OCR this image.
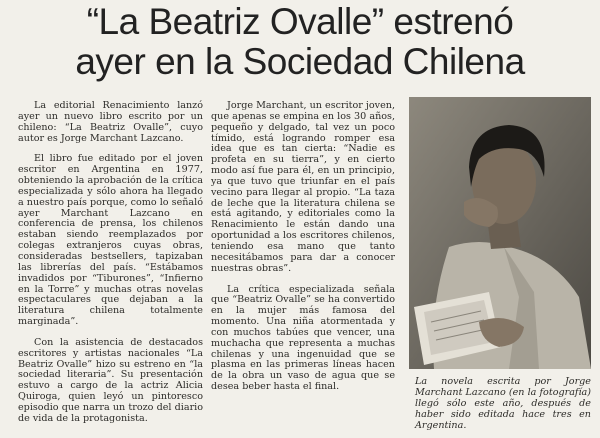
“La Beatriz Ovalle” estrenó
ayer en la Sociedad Chilena

La editorial Renacimiento lanzó ayer un nuevo libro escrito por un chileno: “La Beatriz Ovalle”, cuyo autor es Jorge Marchant Lazcano.

El libro fue editado por el joven escritor en Argentina en 1977, obteniendo la aprobación de la crítica especializada y sólo ahora ha llegado a nuestro país porque, como lo señaló ayer Marchant Lazcano en conferencia de prensa, los chilenos estaban siendo reemplazados por colegas extranjeros cuyas obras, consideradas bestsellers, tapizaban las librerías del país. “Estábamos invadidos por “Tiburones”, “Infierno en la Torre” y muchas otras novelas espectaculares que dejaban a la literatura chilena totalmente marginada”.

Con la asistencia de destacados escritores y artistas nacionales “La Beatriz Ovalle” hizo su estreno en “la sociedad literaria”. Su presentación estuvo a cargo de la actriz Alicia Quiroga, quien leyó un pintoresco episodio que narra un trozo del diario de vida de la protagonista.

Jorge Marchant, un escritor joven, que apenas se empina en los 30 años, pequeño y delgado, tal vez un poco tímido, está logrando romper esa idea que es tan cierta: “Nadie es profeta en su tierra”, y en cierto modo así fue para él, en un principio, ya que tuvo que triunfar en el país vecino para llegar al propio. “La taza de leche que la literatura chilena se está agitando, y editoriales como la Renacimiento le están dando una oportunidad a los escritores chilenos, teniendo esa mano que tanto necesitábamos para dar a conocer nuestras obras”.

La crítica especializada señala que “Beatriz Ovalle” se ha convertido en la mujer más famosa del momento. Una niña atormentada y con muchos tabúes que vencer, una muchacha que representa a muchas chilenas y una ingenuidad que se plasma en las primeras líneas hacen de la obra un vaso de agua que se desea beber hasta el final.	La novela escrita por Jorge Marchant Lazcano (en la fotografía) llegó sólo este año, después de haber sido editada hace tres en Argentina.
